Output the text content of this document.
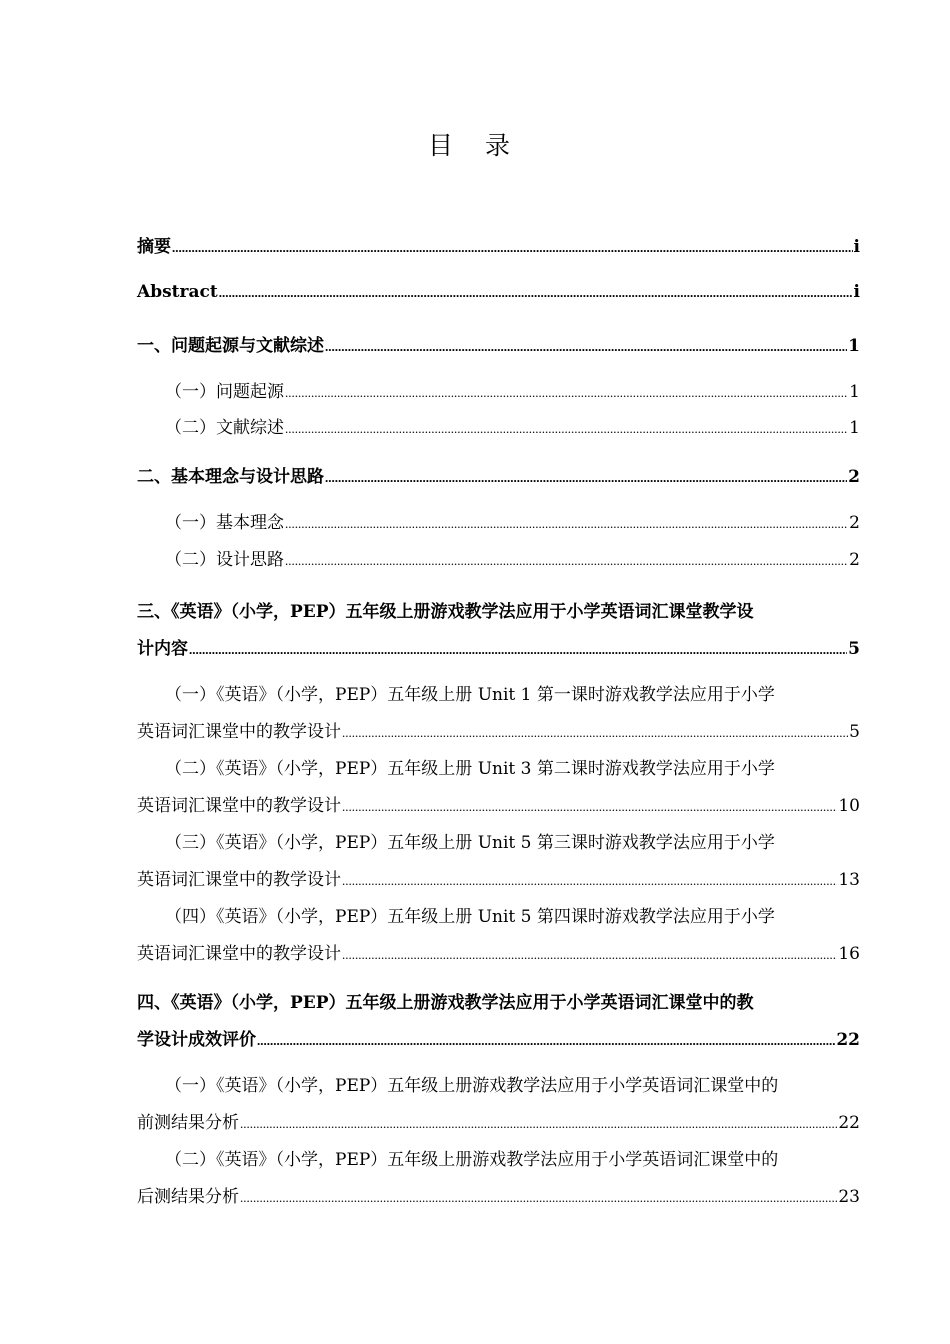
目 录
摘要 .....	i
Abstract .....	i
一、问题起源与文献综述 .....	1
（一）问题起源 .....	1
（二）文献综述 .....	1
二、基本理念与设计思路 .....	2
（一）基本理念 .....	2
（二）设计思路 .....	2
三、《英语》（小学，PEP）五年级上册游戏教学法应用于小学英语词汇课堂教学设
计内容 .....	5
（一）《英语》（小学，PEP）五年级上册 Unit 1 第一课时游戏教学法应用于小学
英语词汇课堂中的教学设计 .....	5
（二）《英语》（小学，PEP）五年级上册 Unit 3 第二课时游戏教学法应用于小学
英语词汇课堂中的教学设计 .....	10
（三）《英语》（小学，PEP）五年级上册 Unit 5 第三课时游戏教学法应用于小学
英语词汇课堂中的教学设计 .....	13
（四）《英语》（小学，PEP）五年级上册 Unit 5 第四课时游戏教学法应用于小学
英语词汇课堂中的教学设计 .....	16
四、《英语》（小学，PEP）五年级上册游戏教学法应用于小学英语词汇课堂中的教
学设计成效评价 .....	22
（一）《英语》（小学，PEP）五年级上册游戏教学法应用于小学英语词汇课堂中的
前测结果分析 .....	22
（二）《英语》（小学，PEP）五年级上册游戏教学法应用于小学英语词汇课堂中的
后测结果分析 .....	23
